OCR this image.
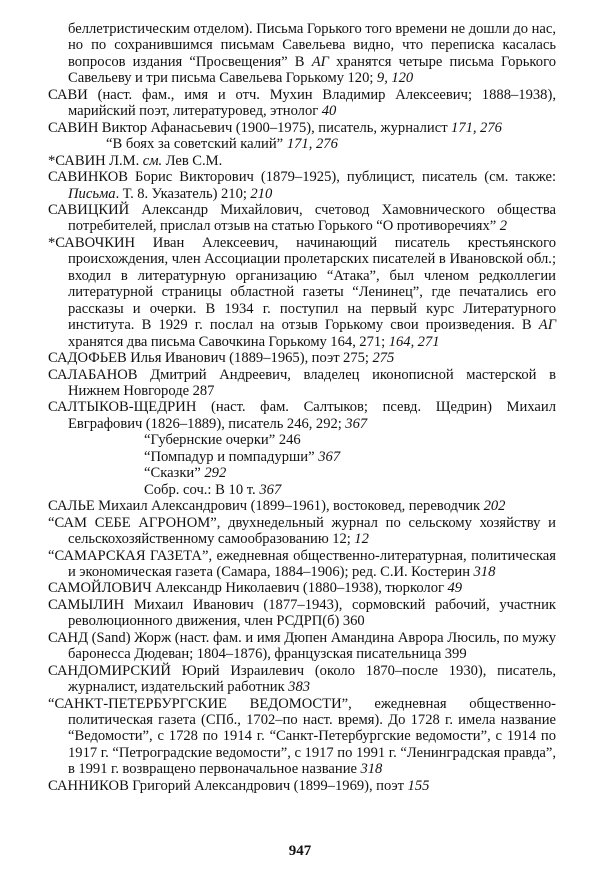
беллетристическим отделом). Письма Горького того времени не дошли до нас, но по сохранившимся письмам Савельева видно, что переписка касалась вопросов издания “Просвещения” В АГ хранятся четыре письма Горького Савельеву и три письма Савельева Горькому 120; 9, 120

САВИ (наст. фам., имя и отч. Мухин Владимир Алексеевич; 1888–1938), марийский поэт, литературовед, этнолог 40

САВИН Виктор Афанасьевич (1900–1975), писатель, журналист 171, 276

“В боях за советский калий” 171, 276

*САВИН Л.М. см. Лев С.М.

САВИНКОВ Борис Викторович (1879–1925), публицист, писатель (см. также: Письма. Т. 8. Указатель) 210; 210

САВИЦКИЙ Александр Михайлович, счетовод Хамовнического общества потребителей, прислал отзыв на статью Горького “О противоречиях” 2

*САВОЧКИН Иван Алексеевич, начинающий писатель крестьянского происхождения, член Ассоциации пролетарских писателей в Ивановской обл.; входил в литературную организацию “Атака”, был членом редколлегии литературной страницы областной газеты “Ленинец”, где печатались его рассказы и очерки. В 1934 г. поступил на первый курс Литературного института. В 1929 г. послал на отзыв Горькому свои произведения. В АГ хранятся два письма Савочкина Горькому 164, 271; 164, 271

САДОФЬЕВ Илья Иванович (1889–1965), поэт 275; 275

САЛАБАНОВ Дмитрий Андреевич, владелец иконописной мастерской в Нижнем Новгороде 287

САЛТЫКОВ-ЩЕДРИН (наст. фам. Салтыков; псевд. Щедрин) Михаил Евграфович (1826–1889), писатель 246, 292; 367

“Губернские очерки” 246

“Помпадур и помпадурши” 367

“Сказки” 292

Собр. соч.: В 10 т. 367

САЛЬЕ Михаил Александрович (1899–1961), востоковед, переводчик 202

“САМ СЕБЕ АГРОНОМ”, двухнедельный журнал по сельскому хозяйству и сельскохозяйственному самообразованию 12; 12

“САМАРСКАЯ ГАЗЕТА”, ежедневная общественно-литературная, политическая и экономическая газета (Самара, 1884–1906); ред. С.И. Костерин 318

САМОЙЛОВИЧ Александр Николаевич (1880–1938), тюрколог 49

САМЫЛИН Михаил Иванович (1877–1943), сормовский рабочий, участник революционного движения, член РСДРП(б) 360

САНД (Sand) Жорж (наст. фам. и имя Дюпен Амандина Аврора Люсиль, по мужу баронесса Дюдеван; 1804–1876), французская писательница 399

САНДОМИРСКИЙ Юрий Израилевич (около 1870–после 1930), писатель, журналист, издательский работник 383

“САНКТ-ПЕТЕРБУРГСКИЕ ВЕДОМОСТИ”, ежедневная общественно-политическая газета (СПб., 1702–по наст. время). До 1728 г. имела название “Ведомости”, с 1728 по 1914 г. “Санкт-Петербургские ведомости”, с 1914 по 1917 г. “Петроградские ведомости”, с 1917 по 1991 г. “Ленинградская правда”, в 1991 г. возвращено первоначальное название 318

САННИКОВ Григорий Александрович (1899–1969), поэт 155

947
